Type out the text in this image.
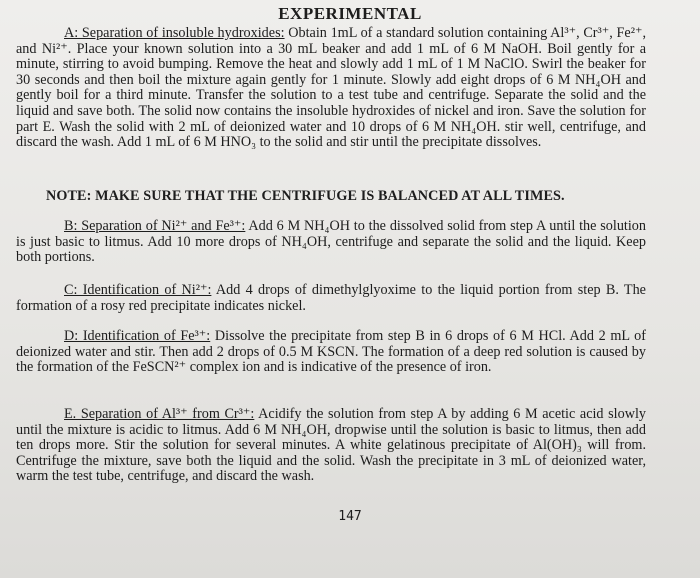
EXPERIMENTAL

A: Separation of insoluble hydroxides: Obtain 1mL of a standard solution containing Al³⁺, Cr³⁺, Fe²⁺, and Ni²⁺. Place your known solution into a 30 mL beaker and add 1 mL of 6 M NaOH. Boil gently for a minute, stirring to avoid bumping. Remove the heat and slowly add 1 mL of 1 M NaClO. Swirl the beaker for 30 seconds and then boil the mixture again gently for 1 minute. Slowly add eight drops of 6 M NH₄OH and gently boil for a third minute. Transfer the solution to a test tube and centrifuge. Separate the solid and the liquid and save both. The solid now contains the insoluble hydroxides of nickel and iron. Save the solution for part E. Wash the solid with 2 mL of deionized water and 10 drops of 6 M NH₄OH. stir well, centrifuge, and discard the wash. Add 1 mL of 6 M HNO₃ to the solid and stir until the precipitate dissolves.

NOTE: MAKE SURE THAT THE CENTRIFUGE IS BALANCED AT ALL TIMES.

B: Separation of Ni²⁺ and Fe³⁺: Add 6 M NH₄OH to the dissolved solid from step A until the solution is just basic to litmus. Add 10 more drops of NH₄OH, centrifuge and separate the solid and the liquid. Keep both portions.

C: Identification of Ni²⁺: Add 4 drops of dimethylglyoxime to the liquid portion from step B. The formation of a rosy red precipitate indicates nickel.

D: Identification of Fe³⁺: Dissolve the precipitate from step B in 6 drops of 6 M HCl. Add 2 mL of deionized water and stir. Then add 2 drops of 0.5 M KSCN. The formation of a deep red solution is caused by the formation of the FeSCN²⁺ complex ion and is indicative of the presence of iron.

E. Separation of Al³⁺ from Cr³⁺: Acidify the solution from step A by adding 6 M acetic acid slowly until the mixture is acidic to litmus. Add 6 M NH₄OH, dropwise until the solution is basic to litmus, then add ten drops more. Stir the solution for several minutes. A white gelatinous precipitate of Al(OH)₃ will from. Centrifuge the mixture, save both the liquid and the solid. Wash the precipitate in 3 mL of deionized water, warm the test tube, centrifuge, and discard the wash.

147
